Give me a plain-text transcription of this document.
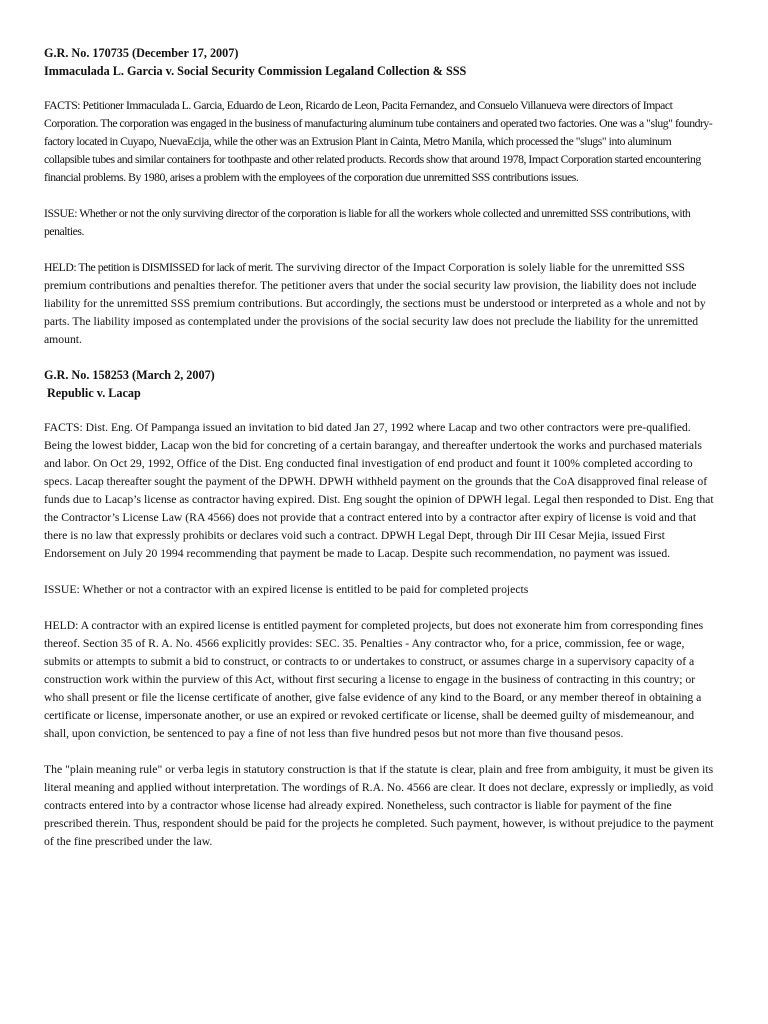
G.R. No. 170735 (December 17, 2007)
Immaculada L. Garcia v. Social Security Commission Legaland Collection & SSS

FACTS: Petitioner Immaculada L. Garcia, Eduardo de Leon, Ricardo de Leon, Pacita Fernandez, and Consuelo Villanueva were directors of Impact Corporation. The corporation was engaged in the business of manufacturing aluminum tube containers and operated two factories. One was a "slug" foundry-factory located in Cuyapo, NuevaEcija, while the other was an Extrusion Plant in Cainta, Metro Manila, which processed the "slugs" into aluminum collapsible tubes and similar containers for toothpaste and other related products. Records show that around 1978, Impact Corporation started encountering financial problems. By 1980, arises a problem with the employees of the corporation due unremitted SSS contributions issues.

ISSUE: Whether or not the only surviving director of the corporation is liable for all the workers whole collected and unremitted SSS contributions, with penalties.

HELD: The petition is DISMISSED for lack of merit. The surviving director of the Impact Corporation is solely liable for the unremitted SSS premium contributions and penalties therefor. The petitioner avers that under the social security law provision, the liability does not include liability for the unremitted SSS premium contributions. But accordingly, the sections must be understood or interpreted as a whole and not by parts. The liability imposed as contemplated under the provisions of the social security law does not preclude the liability for the unremitted amount.

G.R. No. 158253 (March 2, 2007)
Republic v. Lacap

FACTS: Dist. Eng. Of Pampanga issued an invitation to bid dated Jan 27, 1992 where Lacap and two other contractors were pre-qualified. Being the lowest bidder, Lacap won the bid for concreting of a certain barangay, and thereafter undertook the works and purchased materials and labor. On Oct 29, 1992, Office of the Dist. Eng conducted final investigation of end product and fount it 100% completed according to specs. Lacap thereafter sought the payment of the DPWH. DPWH withheld payment on the grounds that the CoA disapproved final release of funds due to Lacap’s license as contractor having expired. Dist. Eng sought the opinion of DPWH legal. Legal then responded to Dist. Eng that the Contractor’s License Law (RA 4566) does not provide that a contract entered into by a contractor after expiry of license is void and that there is no law that expressly prohibits or declares void such a contract. DPWH Legal Dept, through Dir III Cesar Mejia, issued First Endorsement on July 20 1994 recommending that payment be made to Lacap. Despite such recommendation, no payment was issued.

ISSUE: Whether or not a contractor with an expired license is entitled to be paid for completed projects

HELD: A contractor with an expired license is entitled payment for completed projects, but does not exonerate him from corresponding fines thereof. Section 35 of R. A. No. 4566 explicitly provides: SEC. 35. Penalties - Any contractor who, for a price, commission, fee or wage, submits or attempts to submit a bid to construct, or contracts to or undertakes to construct, or assumes charge in a supervisory capacity of a construction work within the purview of this Act, without first securing a license to engage in the business of contracting in this country; or who shall present or file the license certificate of another, give false evidence of any kind to the Board, or any member thereof in obtaining a certificate or license, impersonate another, or use an expired or revoked certificate or license, shall be deemed guilty of misdemeanour, and shall, upon conviction, be sentenced to pay a fine of not less than five hundred pesos but not more than five thousand pesos.

The "plain meaning rule" or verba legis in statutory construction is that if the statute is clear, plain and free from ambiguity, it must be given its literal meaning and applied without interpretation. The wordings of R.A. No. 4566 are clear. It does not declare, expressly or impliedly, as void contracts entered into by a contractor whose license had already expired. Nonetheless, such contractor is liable for payment of the fine prescribed therein. Thus, respondent should be paid for the projects he completed. Such payment, however, is without prejudice to the payment of the fine prescribed under the law.
